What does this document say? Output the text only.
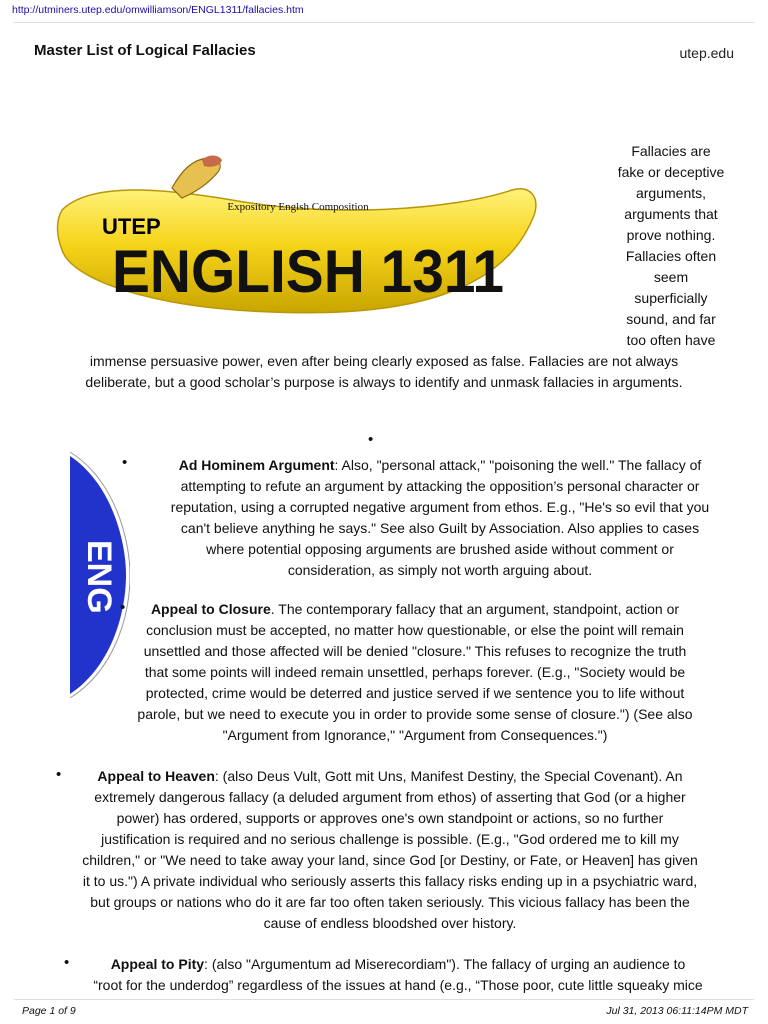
http://utminers.utep.edu/omwilliamson/ENGL1311/fallacies.htm
Master List of Logical Fallacies	utep.edu
Expository Englsh Composition
UTEP
ENGLISH 1311
Fallacies are
fake or deceptive
arguments,
arguments that
prove nothing.
Fallacies often
seem
superficially
sound, and far
too often have
immense persuasive power, even after being clearly exposed as false. Fallacies are not always
deliberate, but a good scholar’s purpose is always to identify and unmask fallacies in arguments.
•
ENG
•	Ad Hominem Argument: Also, "personal attack," "poisoning the well." The fallacy of
attempting to refute an argument by attacking the opposition’s personal character or
reputation, using a corrupted negative argument from ethos. E.g., "He's so evil that you
can't believe anything he says." See also Guilt by Association. Also applies to cases
where potential opposing arguments are brushed aside without comment or
consideration, as simply not worth arguing about.
•	Appeal to Closure. The contemporary fallacy that an argument, standpoint, action or
conclusion must be accepted, no matter how questionable, or else the point will remain
unsettled and those affected will be denied "closure." This refuses to recognize the truth
that some points will indeed remain unsettled, perhaps forever. (E.g., "Society would be
protected, crime would be deterred and justice served if we sentence you to life without
parole, but we need to execute you in order to provide some sense of closure.") (See also
"Argument from Ignorance," "Argument from Consequences.")
•	Appeal to Heaven: (also Deus Vult, Gott mit Uns, Manifest Destiny, the Special Covenant). An
extremely dangerous fallacy (a deluded argument from ethos) of asserting that God (or a higher
power) has ordered, supports or approves one's own standpoint or actions, so no further
justification is required and no serious challenge is possible. (E.g., "God ordered me to kill my
children," or "We need to take away your land, since God [or Destiny, or Fate, or Heaven] has given
it to us.") A private individual who seriously asserts this fallacy risks ending up in a psychiatric ward,
but groups or nations who do it are far too often taken seriously. This vicious fallacy has been the
cause of endless bloodshed over history.
•	Appeal to Pity: (also "Argumentum ad Miserecordiam"). The fallacy of urging an audience to
“root for the underdog” regardless of the issues at hand (e.g., “Those poor, cute little squeaky mice
Page 1 of 9	Jul 31, 2013 06:11:14PM MDT
